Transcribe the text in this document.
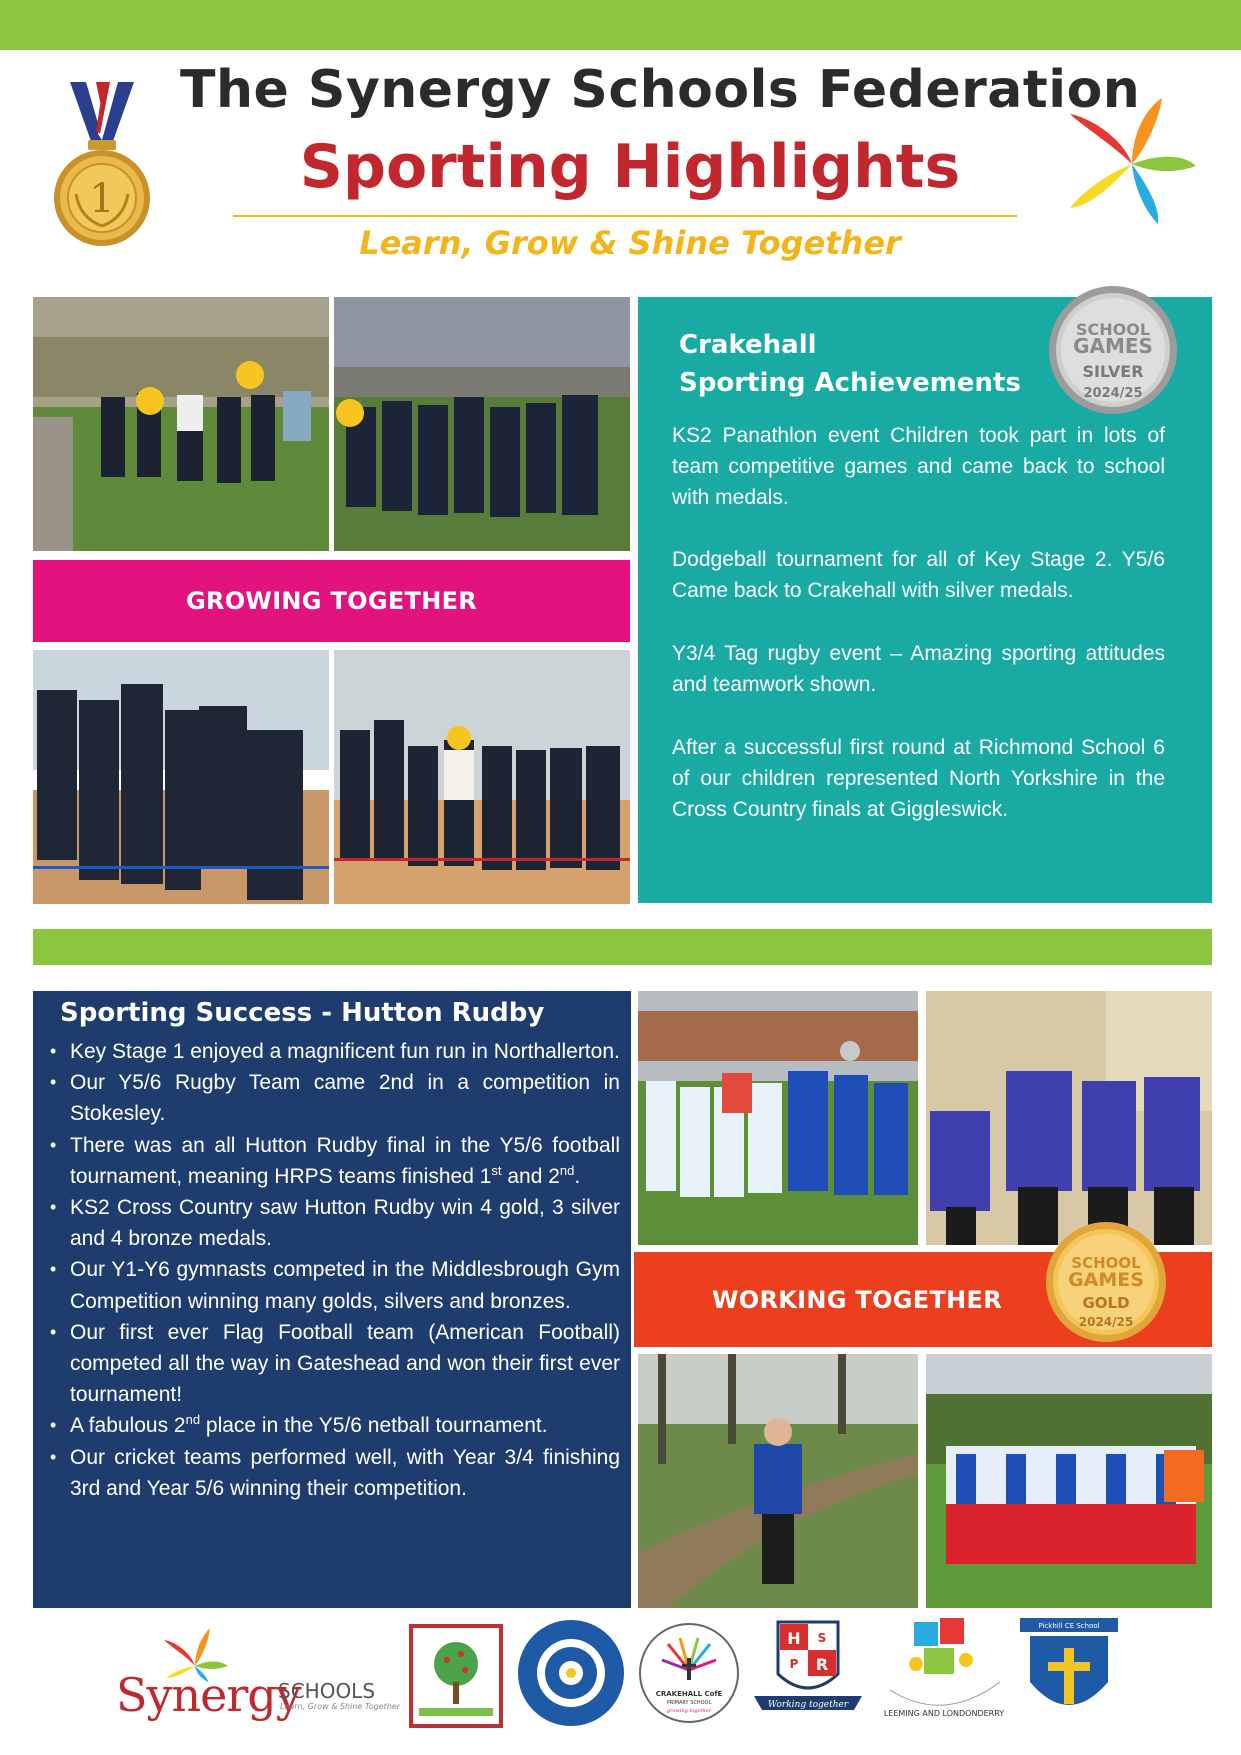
1
The Synergy Schools Federation
Sporting Highlights
Learn, Grow & Shine Together
GROWING TOGETHER
Crakehall
Sporting Achievements
SCHOOL
GAMES
SILVER
2024/25
KS2 Panathlon event Children took part in lots of team competitive games and came back to school with medals.
Dodgeball tournament for all of Key Stage 2. Y5/6 Came back to Crakehall with silver medals.
Y3/4 Tag rugby event – Amazing sporting attitudes and teamwork shown.
After a successful first round at Richmond School 6 of our children represented North Yorkshire in the Cross Country finals at Giggleswick.
Sporting Success - Hutton Rudby
• Key Stage 1 enjoyed a magnificent fun run in Northallerton.
• Our Y5/6 Rugby Team came 2nd in a competition in Stokesley.
• There was an all Hutton Rudby final in the Y5/6 football tournament, meaning HRPS teams finished 1st and 2nd.
• KS2 Cross Country saw Hutton Rudby win 4 gold, 3 silver and 4 bronze medals.
• Our Y1-Y6 gymnasts competed in the Middlesbrough Gym Competition winning many golds, silvers and bronzes.
• Our first ever Flag Football team (American Football) competed all the way in Gateshead and won their first ever tournament!
• A fabulous 2nd place in the Y5/6 netball tournament.
• Our cricket teams performed well, with Year 3/4 finishing 3rd and Year 5/6 winning their competition.
WORKING TOGETHER
SCHOOL
GAMES
GOLD
2024/25
Synergy
SCHOOLS
Learn, Grow & Shine Together
CRAKEHALL CofE
PRIMARY SCHOOL
growing together
H
R
P
S
Working together
LEEMING AND LONDONDERRY
Pickhill CE School
